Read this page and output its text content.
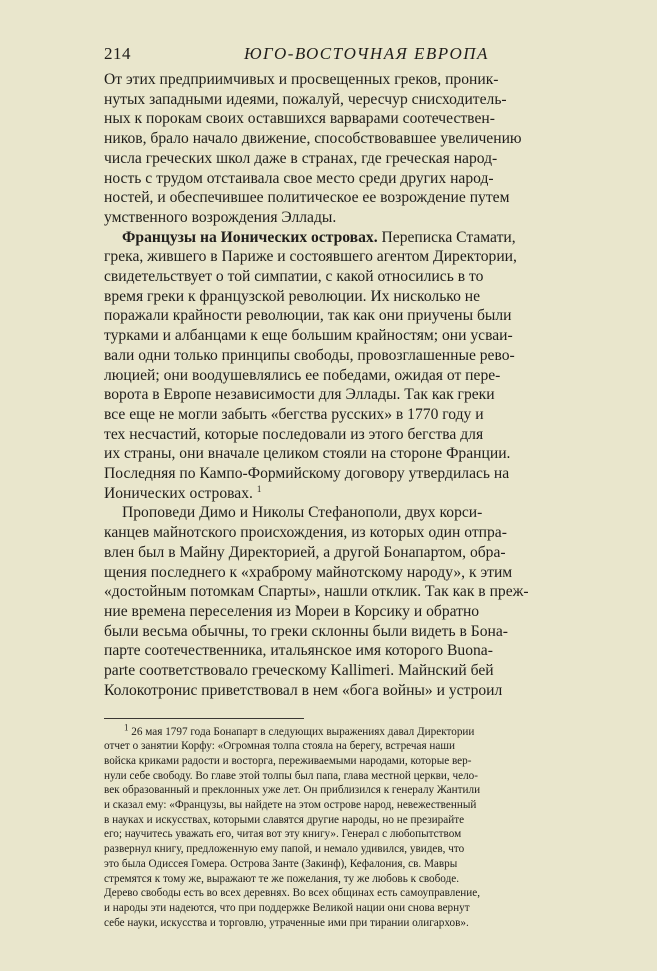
214	ЮГО-ВОСТОЧНАЯ ЕВРОПА
От этих предприимчивых и просвещенных греков, проник-
нутых западными идеями, пожалуй, чересчур снисходитель-
ных к порокам своих оставшихся варварами соотечествен-
ников, брало начало движение, способствовавшее увеличению
числа греческих школ даже в странах, где греческая народ-
ность с трудом отстаивала свое место среди других народ-
ностей, и обеспечившее политическое ее возрождение путем
умственного возрождения Эллады.
Французы на Ионических островах. Переписка Стамати,
грека, жившего в Париже и состоявшего агентом Директории,
свидетельствует о той симпатии, с какой относились в то
время греки к французской революции. Их нисколько не
поражали крайности революции, так как они приучены были
турками и албанцами к еще большим крайностям; они усваи-
вали одни только принципы свободы, провозглашенные рево-
люцией; они воодушевлялись ее победами, ожидая от пере-
ворота в Европе независимости для Эллады. Так как греки
все еще не могли забыть «бегства русских» в 1770 году и
тех несчастий, которые последовали из этого бегства для
их страны, они вначале целиком стояли на стороне Франции.
Последняя по Кампо-Формийскому договору утвердилась на
Ионических островах. $^1$
Проповеди Димо и Николы Стефанополи, двух корси-
канцев майнотского происхождения, из которых один отпра-
влен был в Майну Директорией, а другой Бонапартом, обра-
щения последнего к «храброму майнотскому народу», к этим
«достойным потомкам Спарты», нашли отклик. Так как в преж-
ние времена переселения из Мореи в Корсику и обратно
были весьма обычны, то греки склонны были видеть в Бона-
парте соотечественника, итальянское имя которого Buona-
parte соответствовало греческому Kallimeri. Майнский бей
Колокотронис приветствовал в нем «бога войны» и устроил
$^1$ 26 мая 1797 года Бонапарт в следующих выражениях давал Директории
отчет о занятии Корфу: «Огромная толпа стояла на берегу, встречая наши
войска криками радости и восторга, переживаемыми народами, которые вер-
нули себе свободу. Во главе этой толпы был папа, глава местной церкви, чело-
век образованный и преклонных уже лет. Он приблизился к генералу Жантили
и сказал ему: «Французы, вы найдете на этом острове народ, невежественный
в науках и искусствах, которыми славятся другие народы, но не презирайте
его; научитесь уважать его, читая вот эту книгу». Генерал с любопытством
развернул книгу, предложенную ему папой, и немало удивился, увидев, что
это была Одиссея Гомера. Острова Занте (Закинф), Кефалония, св. Мавры
стремятся к тому же, выражают те же пожелания, ту же любовь к свободе.
Дерево свободы есть во всех деревнях. Во всех общинах есть самоуправление,
и народы эти надеются, что при поддержке Великой нации они снова вернут
себе науки, искусства и торговлю, утраченные ими при тирании олигархов».
